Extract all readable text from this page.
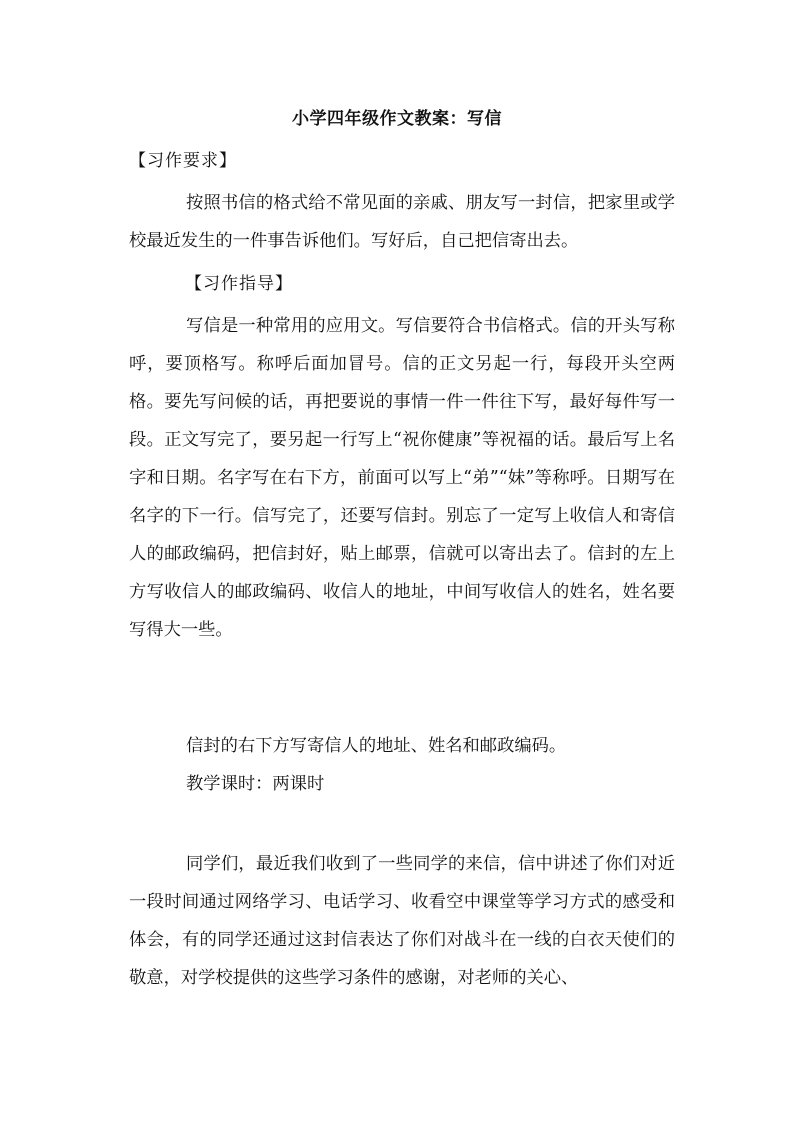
小学四年级作文教案：写信
【习作要求】

按照书信的格式给不常见面的亲戚、朋友写一封信，把家里或学校最近发生的一件事告诉他们。写好后，自己把信寄出去。

【习作指导】

写信是一种常用的应用文。写信要符合书信格式。信的开头写称呼，要顶格写。称呼后面加冒号。信的正文另起一行，每段开头空两格。要先写问候的话，再把要说的事情一件一件往下写，最好每件写一段。正文写完了，要另起一行写上“祝你健康”等祝福的话。最后写上名字和日期。名字写在右下方，前面可以写上“弟”“妹”等称呼。日期写在名字的下一行。信写完了，还要写信封。别忘了一定写上收信人和寄信人的邮政编码，把信封好，贴上邮票，信就可以寄出去了。信封的左上方写收信人的邮政编码、收信人的地址，中间写收信人的姓名，姓名要写得大一些。

信封的右下方写寄信人的地址、姓名和邮政编码。
教学课时：两课时

同学们，最近我们收到了一些同学的来信，信中讲述了你们对近一段时间通过网络学习、电话学习、收看空中课堂等学习方式的感受和体会，有的同学还通过这封信表达了你们对战斗在一线的白衣天使们的敬意，对学校提供的这些学习条件的感谢，对老师的关心、
